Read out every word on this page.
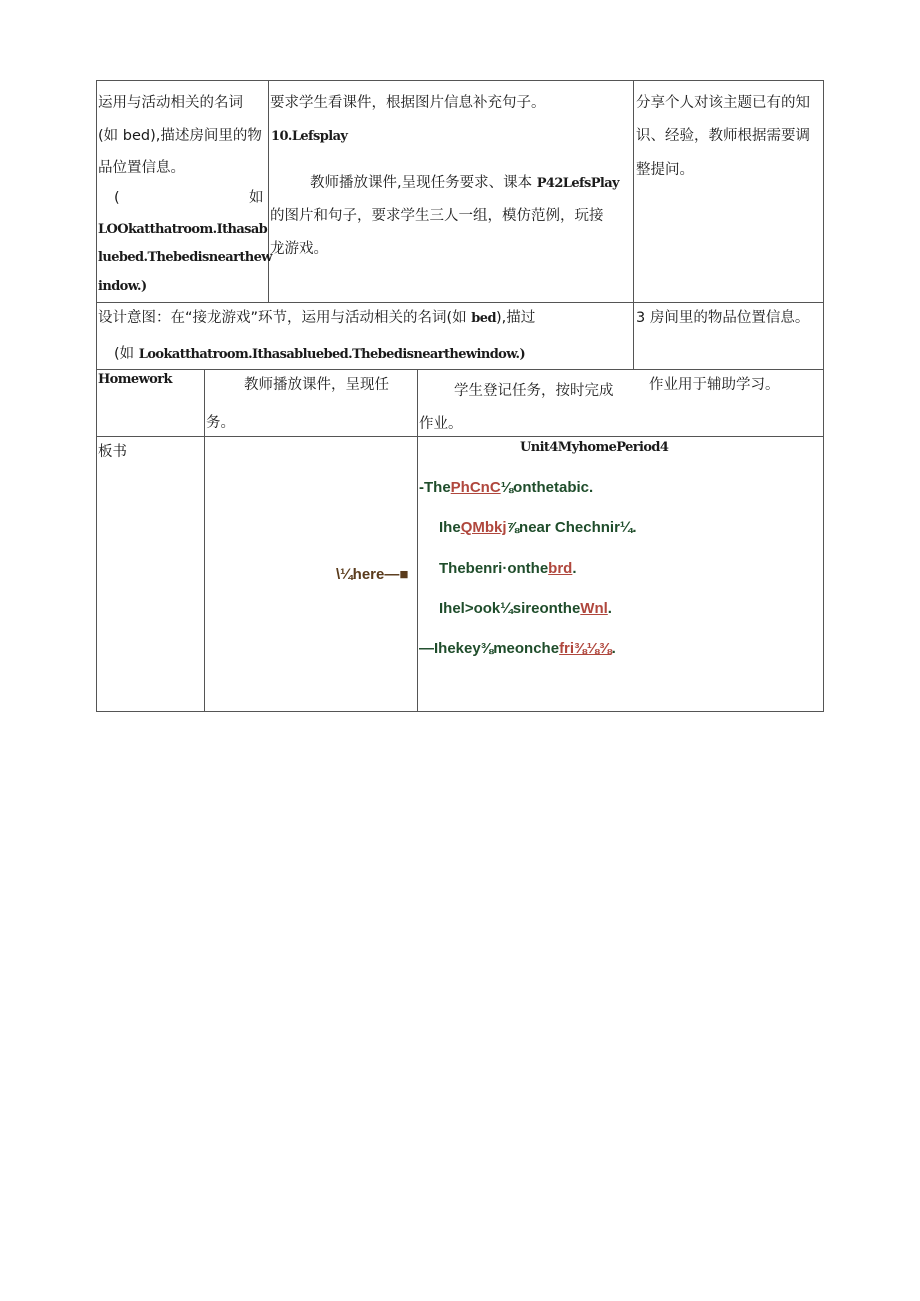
运用与活动相关的名词
(如 bed),描述房间里的物
品位置信息。
(	如
LOOkatthatroom.Ithasab
luebed.Thebedisnearthew
indow.)
要求学生看课件，根据图片信息补充句子。
10.Lefsplay
教师播放课件,呈现任务要求、课本 P42LefsPlay
的图片和句子，要求学生三人一组，模仿范例，玩接
龙游戏。
分享个人对该主题已有的知
识、经验，教师根据需要调
整提问。
设计意图：在“接龙游戏”环节，运用与活动相关的名词(如 bed),描过
(如 Lookatthatroom.Ithasabluebed.Thebedisnearthewindow.)
3 房间里的物品位置信息。
Homework	教师播放课件，呈现任
务。
学生登记任务，按时完成
作业。
作业用于辅助学习。
板书
\¼here—■
Unit4MyhomePeriod4
-ThePhCnC⅛onthetabic.
IheQMbkj⅞near Chechnir¼.
Thebenri·onthebrd.
Ihel>ook¼sireontheWnl.
—Ihekey⅜meonchefri⅜⅛⅜.
